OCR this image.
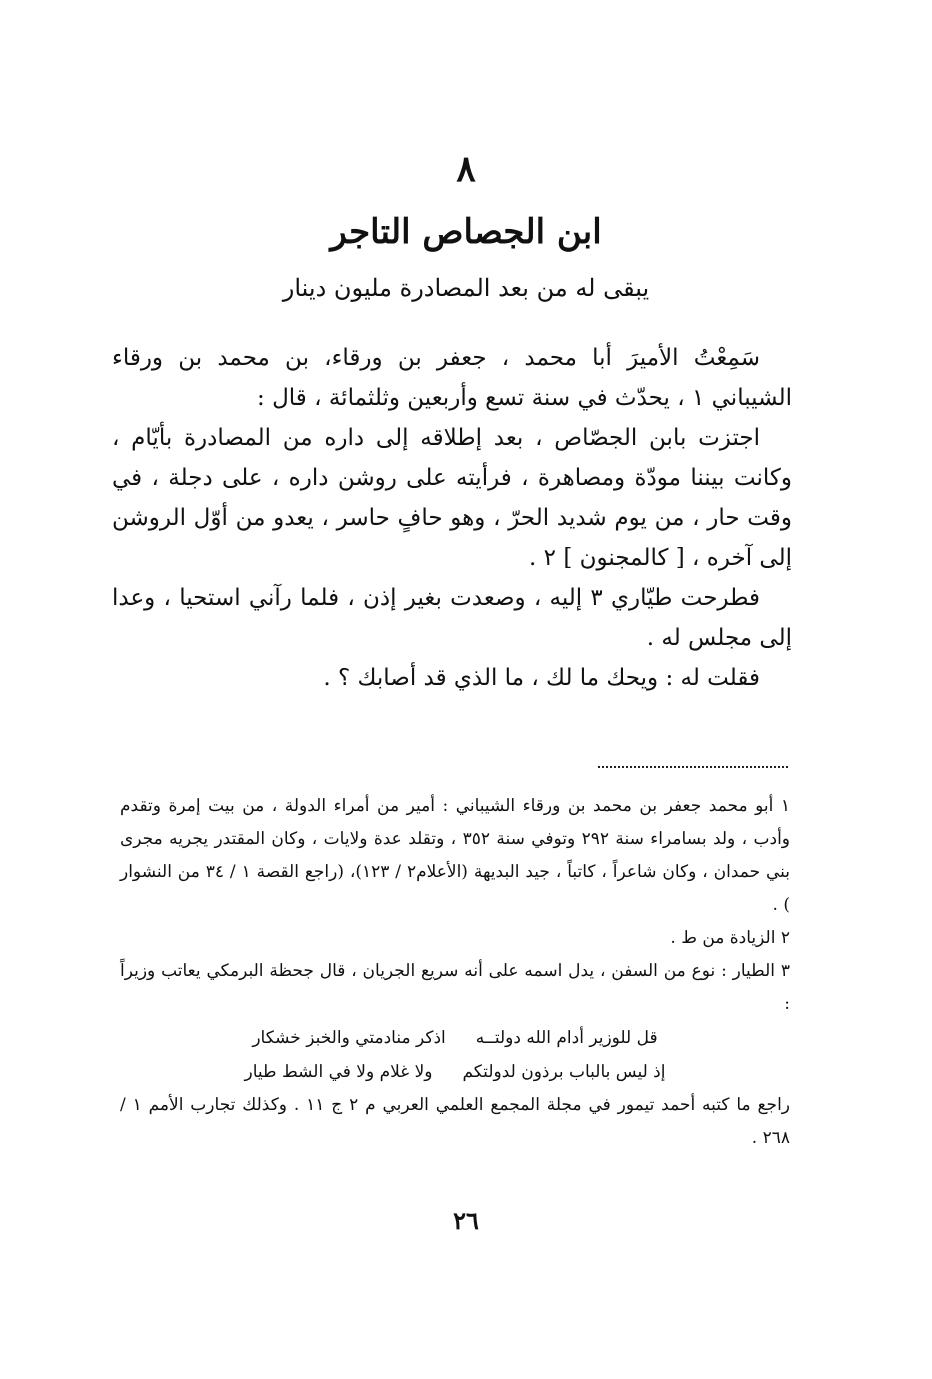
٨
ابن الجصاص التاجر
يبقى له من بعد المصادرة مليون دينار

سَمِعْتُ الأميرَ أبا محمد ، جعفر بن ورقاء، بن محمد بن ورقاء الشيباني ١ ، يحدّث في سنة تسع وأربعين وثلثمائة ، قال :

اجتزت بابن الجصّاص ، بعد إطلاقه إلى داره من المصادرة بأيّام ، وكانت بيننا مودّة ومصاهرة ، فرأيته على روشن داره ، على دجلة ، في وقت حار ، من يوم شديد الحرّ ، وهو حافٍ حاسر ، يعدو من أوّل الروشن إلى آخره ، [ كالمجنون ] ٢ .

فطرحت طيّاري ٣ إليه ، وصعدت بغير إذن ، فلما رآني استحيا ، وعدا إلى مجلس له .

فقلت له : ويحك ما لك ، ما الذي قد أصابك ؟ .

١ أبو محمد جعفر بن محمد بن ورقاء الشيباني : أمير من أمراء الدولة ، من بيت إمرة وتقدم وأدب ، ولد بسامراء سنة ٢٩٢ وتوفي سنة ٣٥٢ ، وتقلد عدة ولايات ، وكان المقتدر يجريه مجرى بني حمدان ، وكان شاعراً ، كاتباً ، جيد البديهة (الأعلام٢ / ١٢٣)، (راجع القصة ١ / ٣٤ من النشوار ) .

٢ الزيادة من ط .

٣ الطيار : نوع من السفن ، يدل اسمه على أنه سريع الجريان ، قال جحظة البرمكي يعاتب وزيراً :

قل للوزير أدام الله دولتــه
اذكر منادمتي والخبز خشكار
إذ ليس بالباب برذون لدولتكم
ولا غلام ولا في الشط طيار

راجع ما كتبه أحمد تيمور في مجلة المجمع العلمي العربي م ٢ ج ١١ . وكذلك تجارب الأمم ١ / ٢٦٨ .

٢٦
